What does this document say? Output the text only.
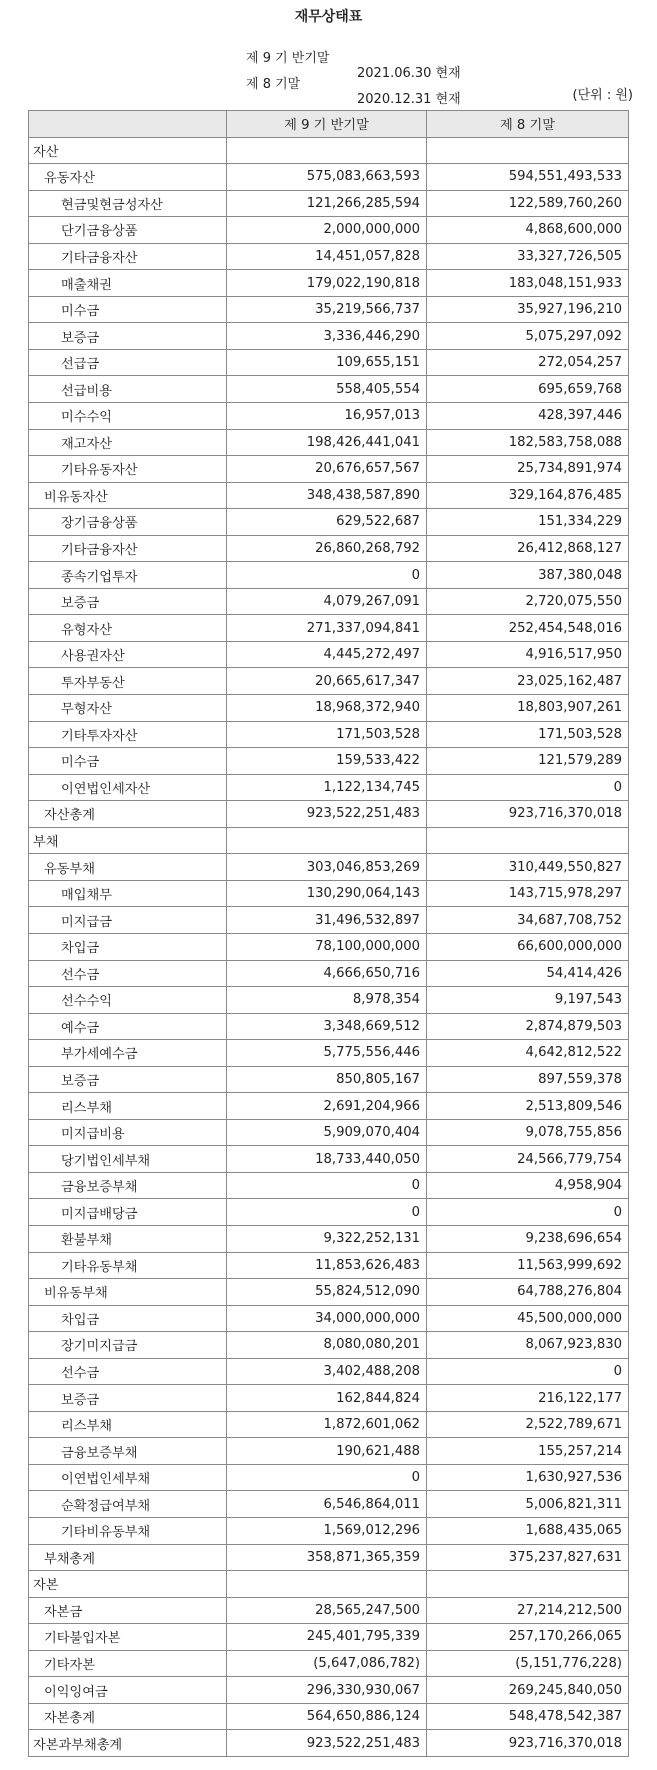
재무상태표

제 9 기 반기말

2021.06.30 현재

제 8 기말

2020.12.31 현재	(단위 : 원)
	제 9 기 반기말	제 8 기말
자산		
유동자산	575,083,663,593	594,551,493,533
현금및현금성자산	121,266,285,594	122,589,760,260
단기금융상품	2,000,000,000	4,868,600,000
기타금융자산	14,451,057,828	33,327,726,505
매출채권	179,022,190,818	183,048,151,933
미수금	35,219,566,737	35,927,196,210
보증금	3,336,446,290	5,075,297,092
선급금	109,655,151	272,054,257
선급비용	558,405,554	695,659,768
미수수익	16,957,013	428,397,446
재고자산	198,426,441,041	182,583,758,088
기타유동자산	20,676,657,567	25,734,891,974
비유동자산	348,438,587,890	329,164,876,485
장기금융상품	629,522,687	151,334,229
기타금융자산	26,860,268,792	26,412,868,127
종속기업투자	0	387,380,048
보증금	4,079,267,091	2,720,075,550
유형자산	271,337,094,841	252,454,548,016
사용권자산	4,445,272,497	4,916,517,950
투자부동산	20,665,617,347	23,025,162,487
무형자산	18,968,372,940	18,803,907,261
기타투자자산	171,503,528	171,503,528
미수금	159,533,422	121,579,289
이연법인세자산	1,122,134,745	0
자산총계	923,522,251,483	923,716,370,018
부채		
유동부채	303,046,853,269	310,449,550,827
매입채무	130,290,064,143	143,715,978,297
미지급금	31,496,532,897	34,687,708,752
차입금	78,100,000,000	66,600,000,000
선수금	4,666,650,716	54,414,426
선수수익	8,978,354	9,197,543
예수금	3,348,669,512	2,874,879,503
부가세예수금	5,775,556,446	4,642,812,522
보증금	850,805,167	897,559,378
리스부채	2,691,204,966	2,513,809,546
미지급비용	5,909,070,404	9,078,755,856
당기법인세부채	18,733,440,050	24,566,779,754
금융보증부채	0	4,958,904
미지급배당금	0	0
환불부채	9,322,252,131	9,238,696,654
기타유동부채	11,853,626,483	11,563,999,692
비유동부채	55,824,512,090	64,788,276,804
차입금	34,000,000,000	45,500,000,000
장기미지급금	8,080,080,201	8,067,923,830
선수금	3,402,488,208	0
보증금	162,844,824	216,122,177
리스부채	1,872,601,062	2,522,789,671
금융보증부채	190,621,488	155,257,214
이연법인세부채	0	1,630,927,536
순확정급여부채	6,546,864,011	5,006,821,311
기타비유동부채	1,569,012,296	1,688,435,065
부채총계	358,871,365,359	375,237,827,631
자본		
자본금	28,565,247,500	27,214,212,500
기타불입자본	245,401,795,339	257,170,266,065
기타자본	(5,647,086,782)	(5,151,776,228)
이익잉여금	296,330,930,067	269,245,840,050
자본총계	564,650,886,124	548,478,542,387
자본과부채총계	923,522,251,483	923,716,370,018
